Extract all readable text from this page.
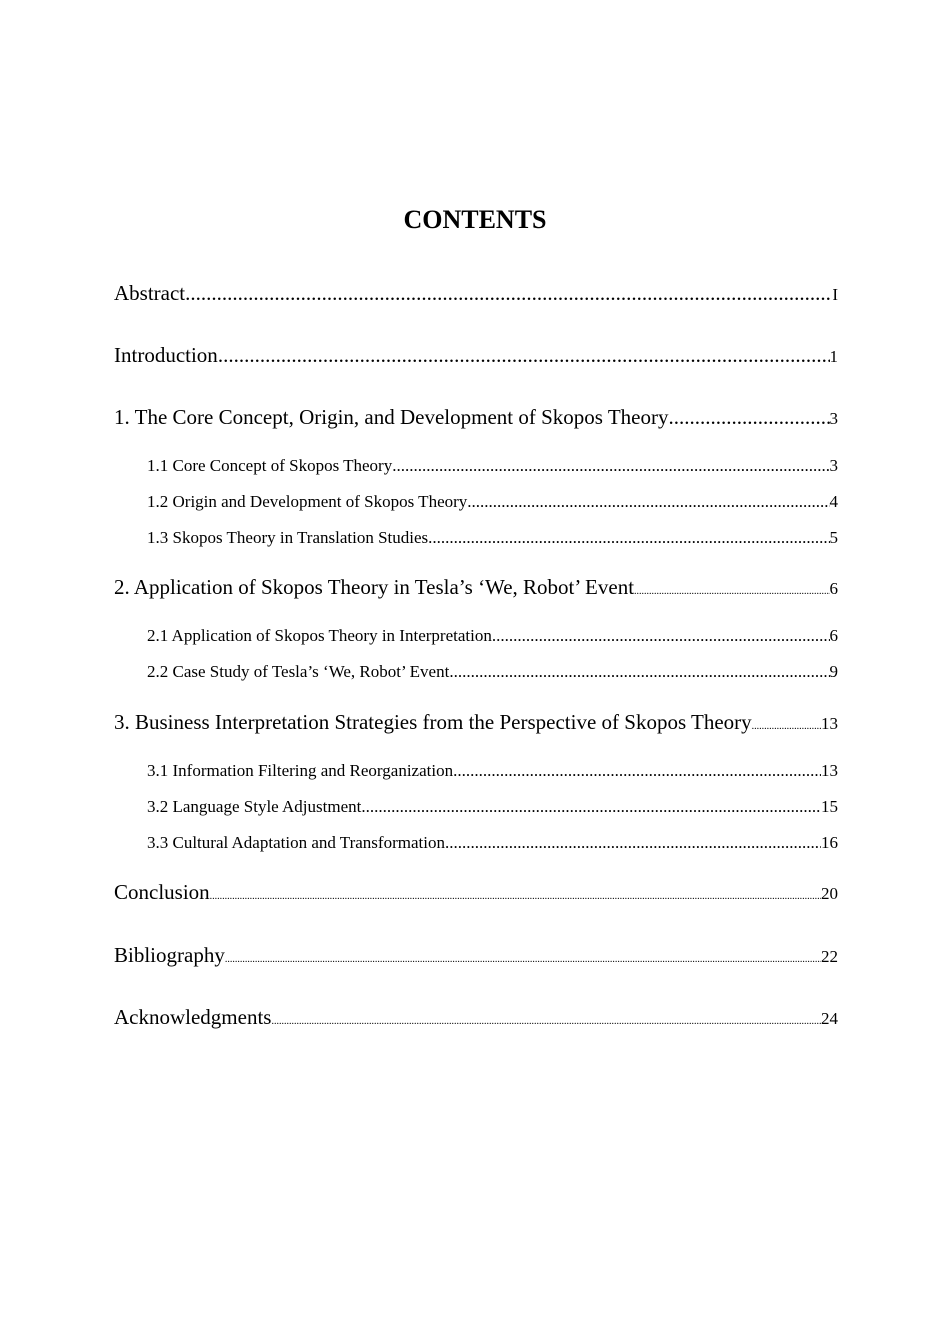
CONTENTS
Abstract .....	I
Introduction .....	1
1. The Core Concept, Origin, and Development of Skopos Theory .....	3
1.1 Core Concept of Skopos Theory .....	3
1.2 Origin and Development of Skopos Theory .....	4
1.3 Skopos Theory in Translation Studies .....	5
2. Application of Skopos Theory in Tesla’s ‘We, Robot’ Event .....	6
2.1 Application of Skopos Theory in Interpretation .....	6
2.2 Case Study of Tesla’s ‘We, Robot’ Event .....	9
3. Business Interpretation Strategies from the Perspective of Skopos Theory .....	13
3.1 Information Filtering and Reorganization .....	13
3.2 Language Style Adjustment .....	15
3.3 Cultural Adaptation and Transformation .....	16
Conclusion .....	20
Bibliography .....	22
Acknowledgments .....	24
